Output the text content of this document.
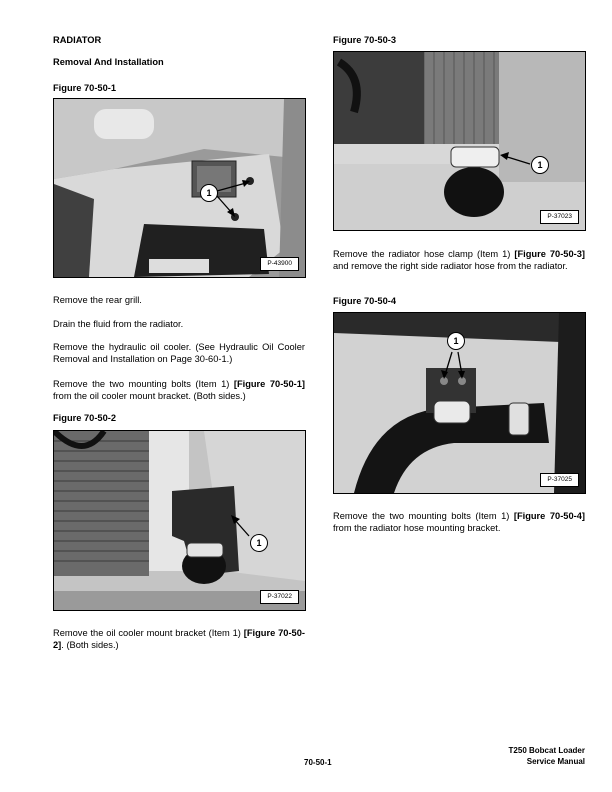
RADIATOR
Removal And Installation
Figure 70-50-1
1
P-43900
Remove the rear grill.
Drain the fluid from the radiator.
Remove the hydraulic oil cooler. (See Hydraulic Oil Cooler Removal and Installation on Page 30-60-1.)
Remove the two mounting bolts (Item 1) [Figure 70-50-1] from the oil cooler mount bracket. (Both sides.)
Figure 70-50-2
1
P-37022
Remove the oil cooler mount bracket (Item 1) [Figure 70-50-2]. (Both sides.)
Figure 70-50-3
1
P-37023
Remove the radiator hose clamp (Item 1) [Figure 70-50-3] and remove the right side radiator hose from the radiator.
Figure 70-50-4
1
P-37025
Remove the two mounting bolts (Item 1) [Figure 70-50-4] from the radiator hose mounting bracket.
70-50-1
T250 Bobcat Loader
Service Manual
